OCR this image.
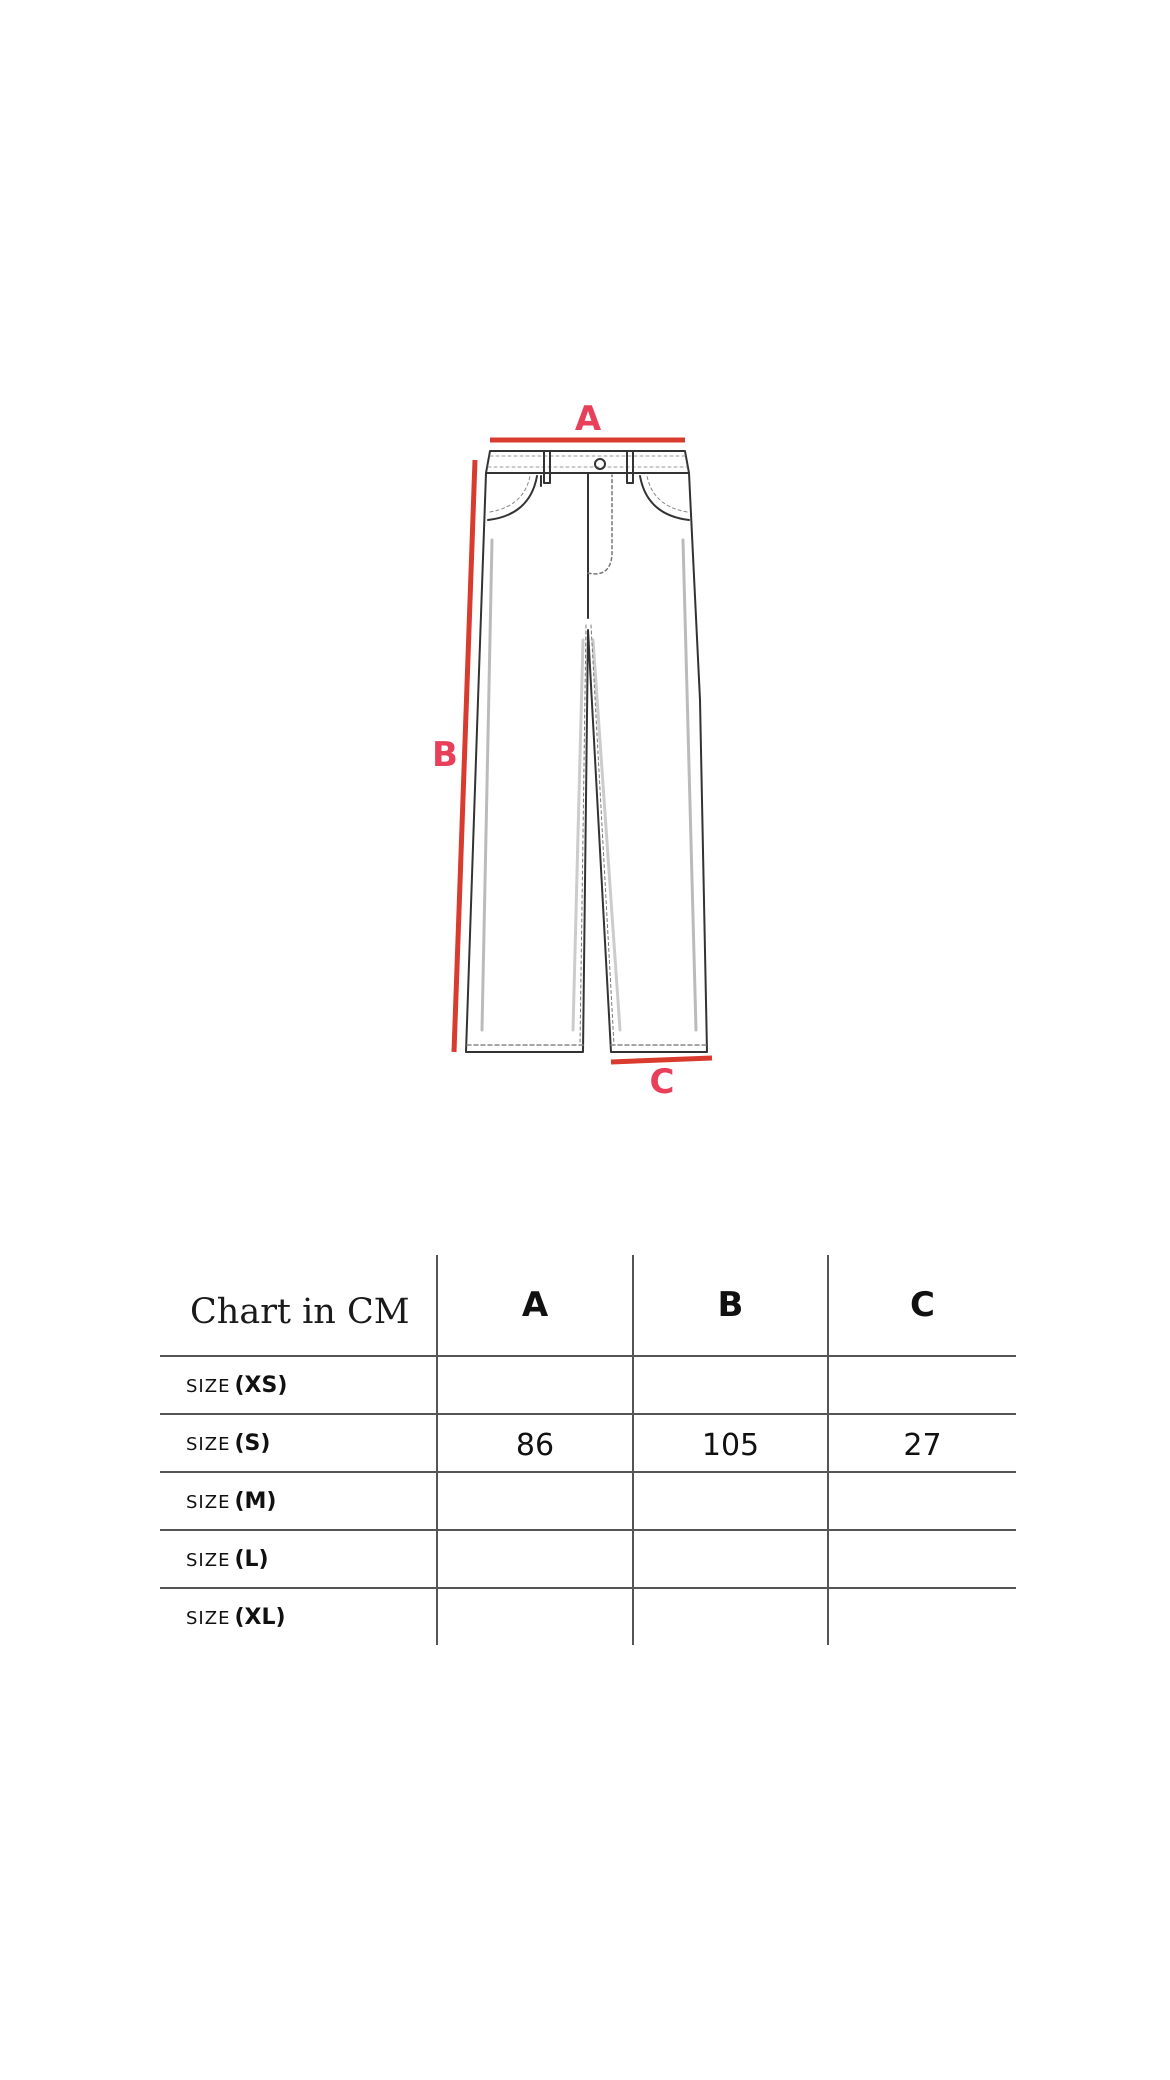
A
B
C
Chart in CM	A	B	C
SIZE (XS)			
SIZE (S)	86	105	27
SIZE (M)			
SIZE (L)			
SIZE (XL)			
